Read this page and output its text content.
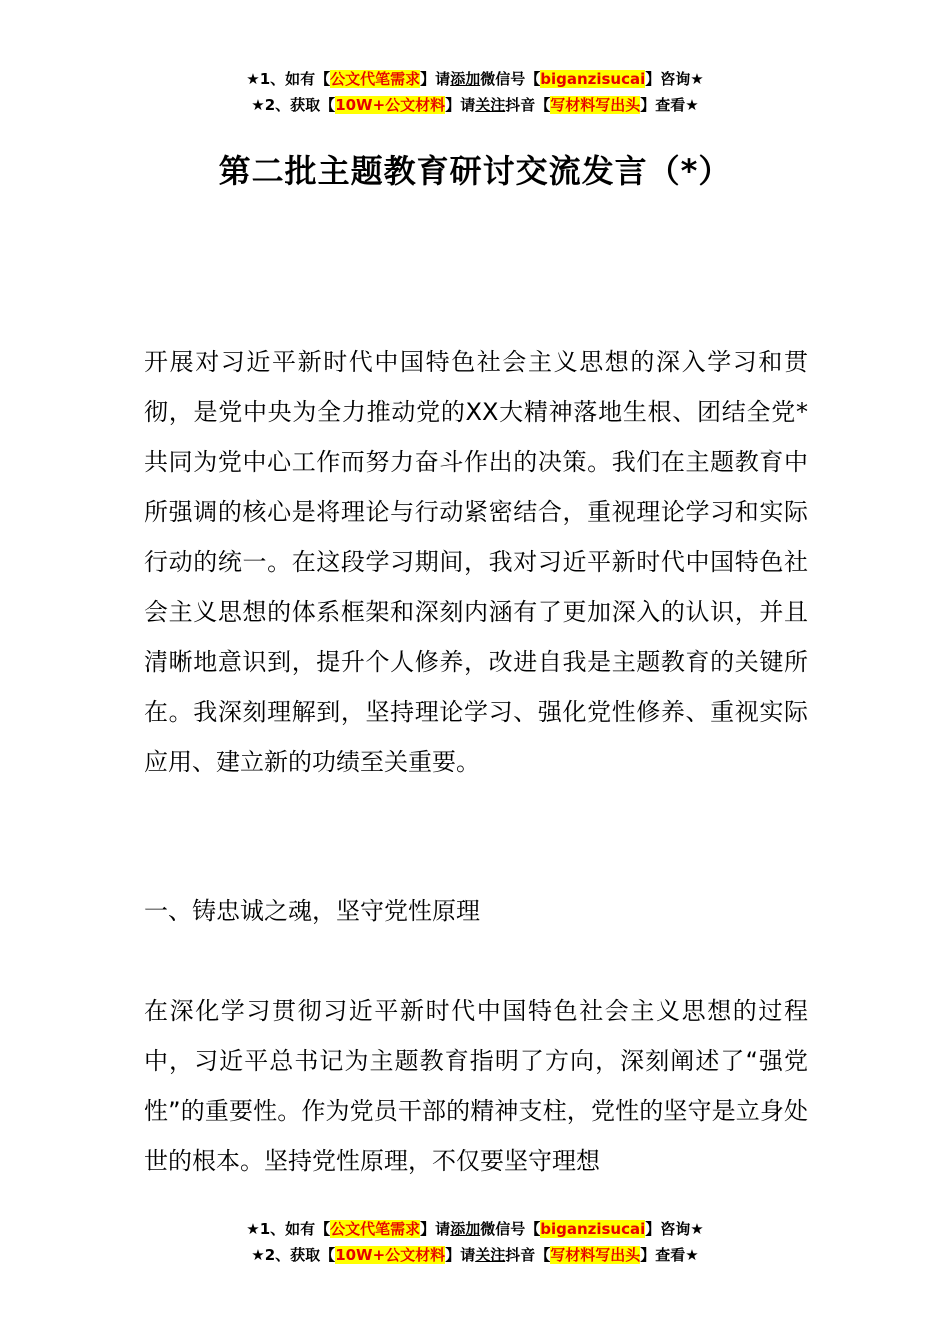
★1、如有【公文代笔需求】请添加微信号【biganzisucai】咨询★
★2、获取【10W+公文材料】请关注抖音【写材料写出头】查看★
第二批主题教育研讨交流发言（*）

开展对习近平新时代中国特色社会主义思想的深入学习和贯彻，是党中央为全力推动党的XX大精神落地生根、团结全党*共同为党中心工作而努力奋斗作出的决策。我们在主题教育中所强调的核心是将理论与行动紧密结合，重视理论学习和实际行动的统一。在这段学习期间，我对习近平新时代中国特色社会主义思想的体系框架和深刻内涵有了更加深入的认识，并且清晰地意识到，提升个人修养，改进自我是主题教育的关键所在。我深刻理解到，坚持理论学习、强化党性修养、重视实际应用、建立新的功绩至关重要。

一、铸忠诚之魂，坚守党性原理

在深化学习贯彻习近平新时代中国特色社会主义思想的过程中，习近平总书记为主题教育指明了方向，深刻阐述了“强党性”的重要性。作为党员干部的精神支柱，党性的坚守是立身处世的根本。坚持党性原理，不仅要坚守理想

★1、如有【公文代笔需求】请添加微信号【biganzisucai】咨询★
★2、获取【10W+公文材料】请关注抖音【写材料写出头】查看★
